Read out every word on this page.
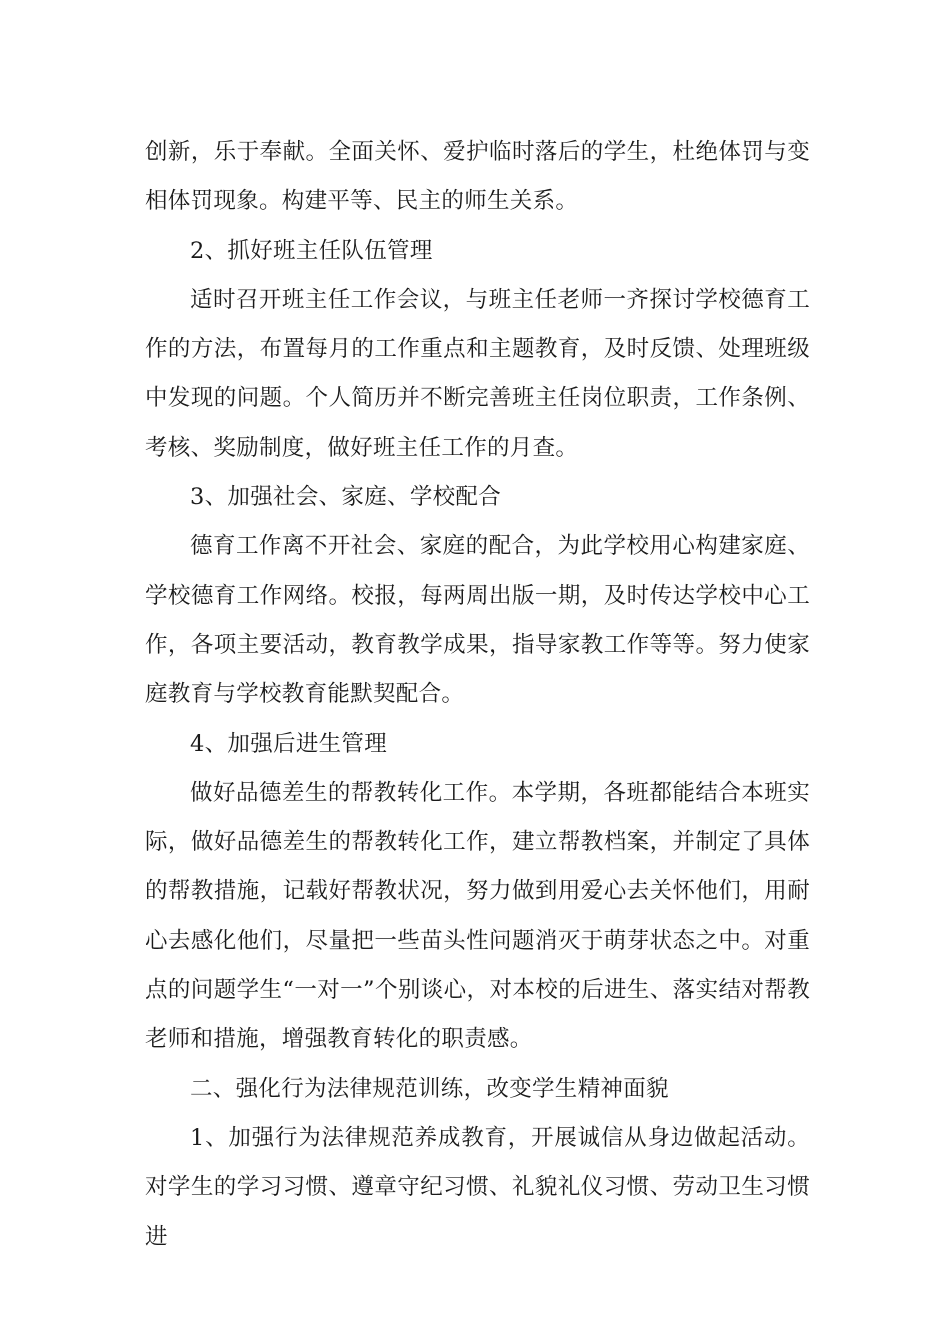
创新，乐于奉献。全面关怀、爱护临时落后的学生，杜绝体罚与变相体罚现象。构建平等、民主的师生关系。

2、抓好班主任队伍管理

适时召开班主任工作会议，与班主任老师一齐探讨学校德育工作的方法，布置每月的工作重点和主题教育，及时反馈、处理班级中发现的问题。个人简历并不断完善班主任岗位职责，工作条例、考核、奖励制度，做好班主任工作的月查。

3、加强社会、家庭、学校配合

德育工作离不开社会、家庭的配合，为此学校用心构建家庭、学校德育工作网络。校报，每两周出版一期，及时传达学校中心工作，各项主要活动，教育教学成果，指导家教工作等等。努力使家庭教育与学校教育能默契配合。

4、加强后进生管理

做好品德差生的帮教转化工作。本学期，各班都能结合本班实际，做好品德差生的帮教转化工作，建立帮教档案，并制定了具体的帮教措施，记载好帮教状况，努力做到用爱心去关怀他们，用耐心去感化他们，尽量把一些苗头性问题消灭于萌芽状态之中。对重点的问题学生“一对一”个别谈心，对本校的后进生、落实结对帮教老师和措施，增强教育转化的职责感。

二、强化行为法律规范训练，改变学生精神面貌

1、加强行为法律规范养成教育，开展诚信从身边做起活动。对学生的学习习惯、遵章守纪习惯、礼貌礼仪习惯、劳动卫生习惯进
